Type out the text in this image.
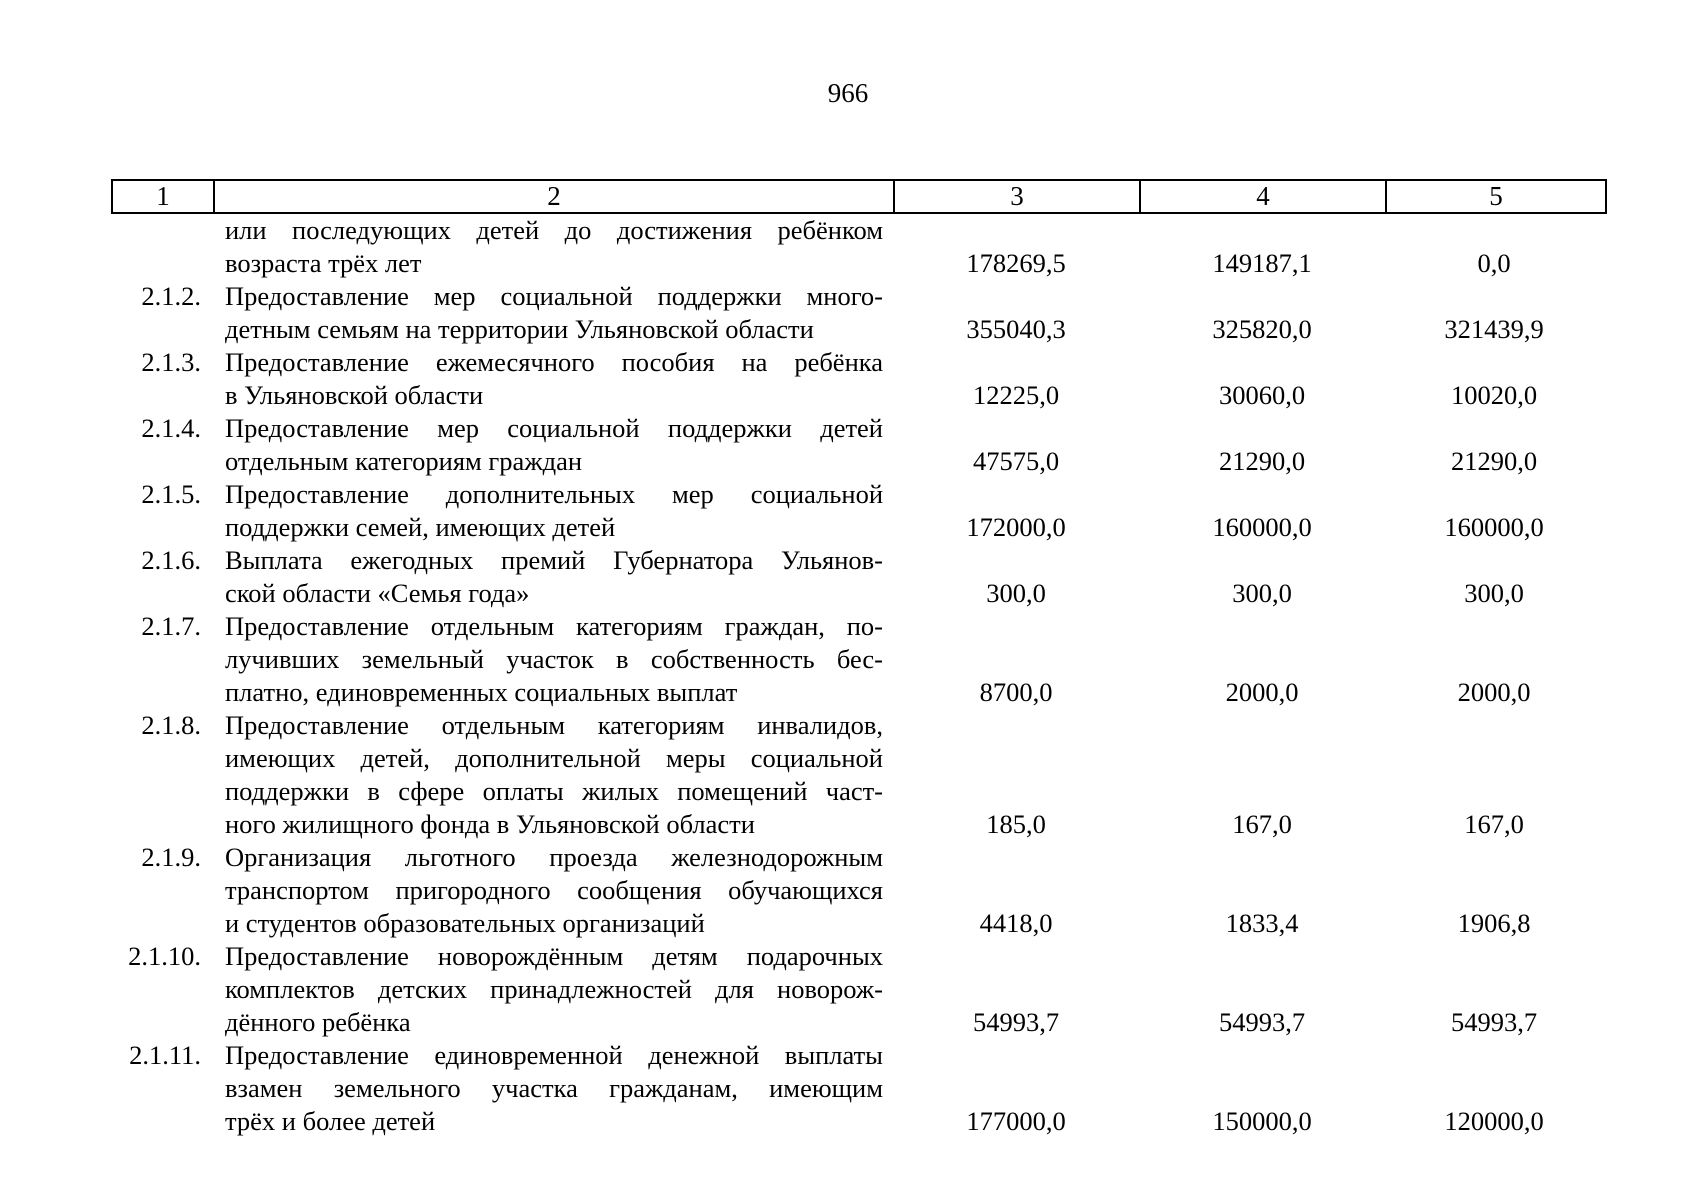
966
1	2	3	4	5
или последующих детей до достижения ребёнком
возраста трёх лет	178269,5	149187,1	0,0
2.1.2. Предоставление мер социальной поддержки много-
детным семьям на территории Ульяновской области	355040,3	325820,0	321439,9
2.1.3. Предоставление ежемесячного пособия на ребёнка
в Ульяновской области	12225,0	30060,0	10020,0
2.1.4. Предоставление мер социальной поддержки детей
отдельным категориям граждан	47575,0	21290,0	21290,0
2.1.5. Предоставление дополнительных мер социальной
поддержки семей, имеющих детей	172000,0	160000,0	160000,0
2.1.6. Выплата ежегодных премий Губернатора Ульянов-
ской области «Семья года»	300,0	300,0	300,0
2.1.7. Предоставление отдельным категориям граждан, по-
лучивших земельный участок в собственность бес-
платно, единовременных социальных выплат	8700,0	2000,0	2000,0
2.1.8. Предоставление отдельным категориям инвалидов,
имеющих детей, дополнительной меры социальной
поддержки в сфере оплаты жилых помещений част-
ного жилищного фонда в Ульяновской области	185,0	167,0	167,0
2.1.9. Организация льготного проезда железнодорожным
транспортом пригородного сообщения обучающихся
и студентов образовательных организаций	4418,0	1833,4	1906,8
2.1.10. Предоставление новорождённым детям подарочных
комплектов детских принадлежностей для новорож-
дённого ребёнка	54993,7	54993,7	54993,7
2.1.11. Предоставление единовременной денежной выплаты
взамен земельного участка гражданам, имеющим
трёх и более детей	177000,0	150000,0	120000,0
